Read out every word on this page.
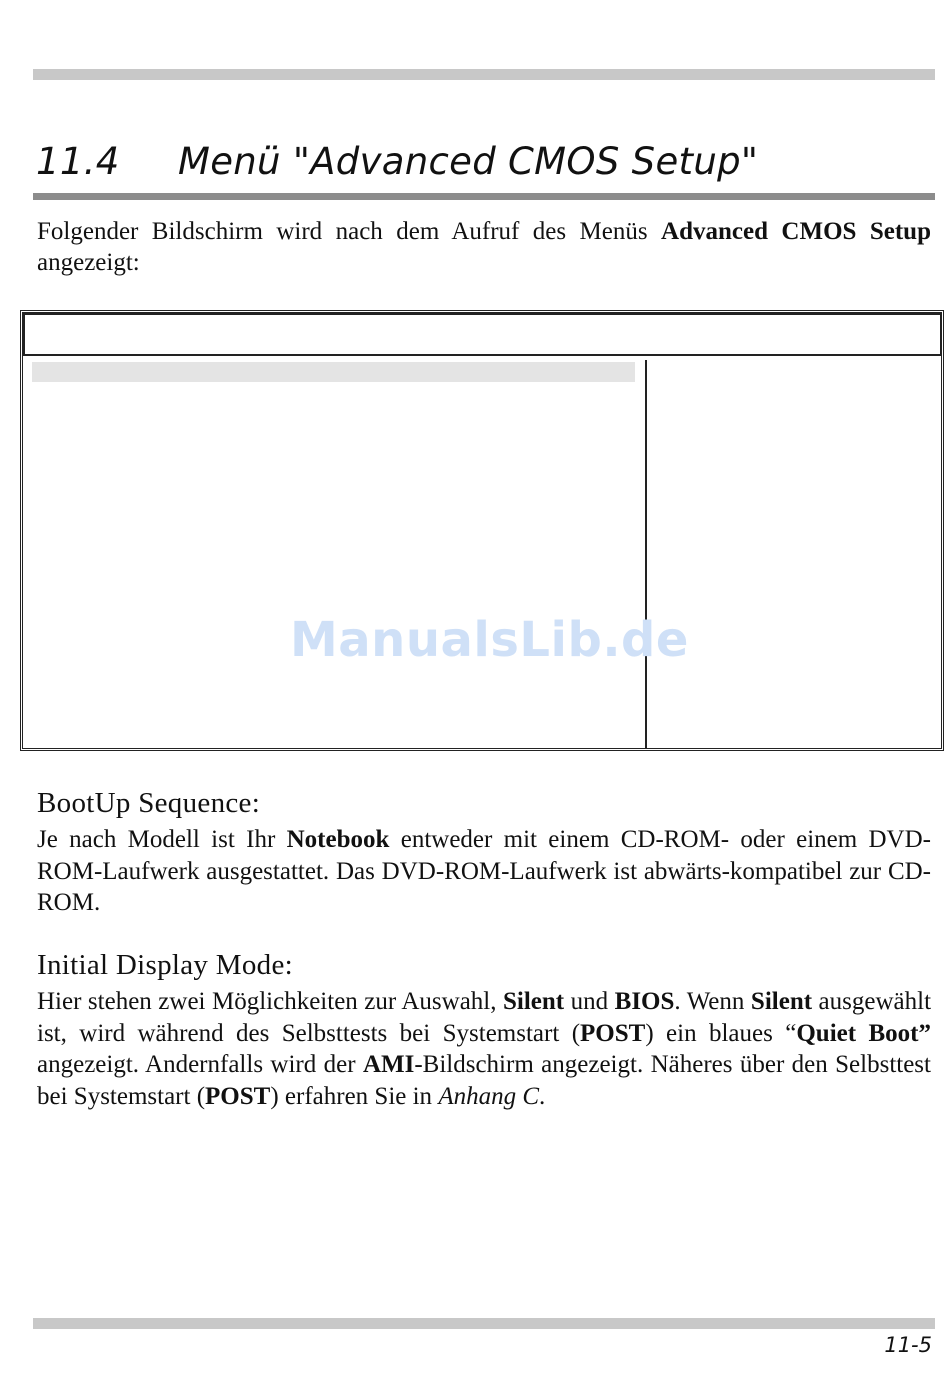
11.4 Menü "Advanced CMOS Setup"

Folgender Bildschirm wird nach dem Aufruf des Menüs Advanced CMOS Setup angezeigt:

ManualsLib.de
BootUp Sequence:

Je nach Modell ist Ihr Notebook entweder mit einem CD-ROM- oder einem DVD-ROM-Laufwerk ausgestattet. Das DVD-ROM-Laufwerk ist abwärts-kompatibel zur CD-ROM.

Initial Display Mode:

Hier stehen zwei Möglichkeiten zur Auswahl, Silent und BIOS. Wenn Silent ausgewählt ist, wird während des Selbsttests bei Systemstart (POST) ein blaues “Quiet Boot” angezeigt. Andernfalls wird der AMI-Bildschirm angezeigt. Näheres über den Selbsttest bei Systemstart (POST) erfahren Sie in Anhang C.

11-5
